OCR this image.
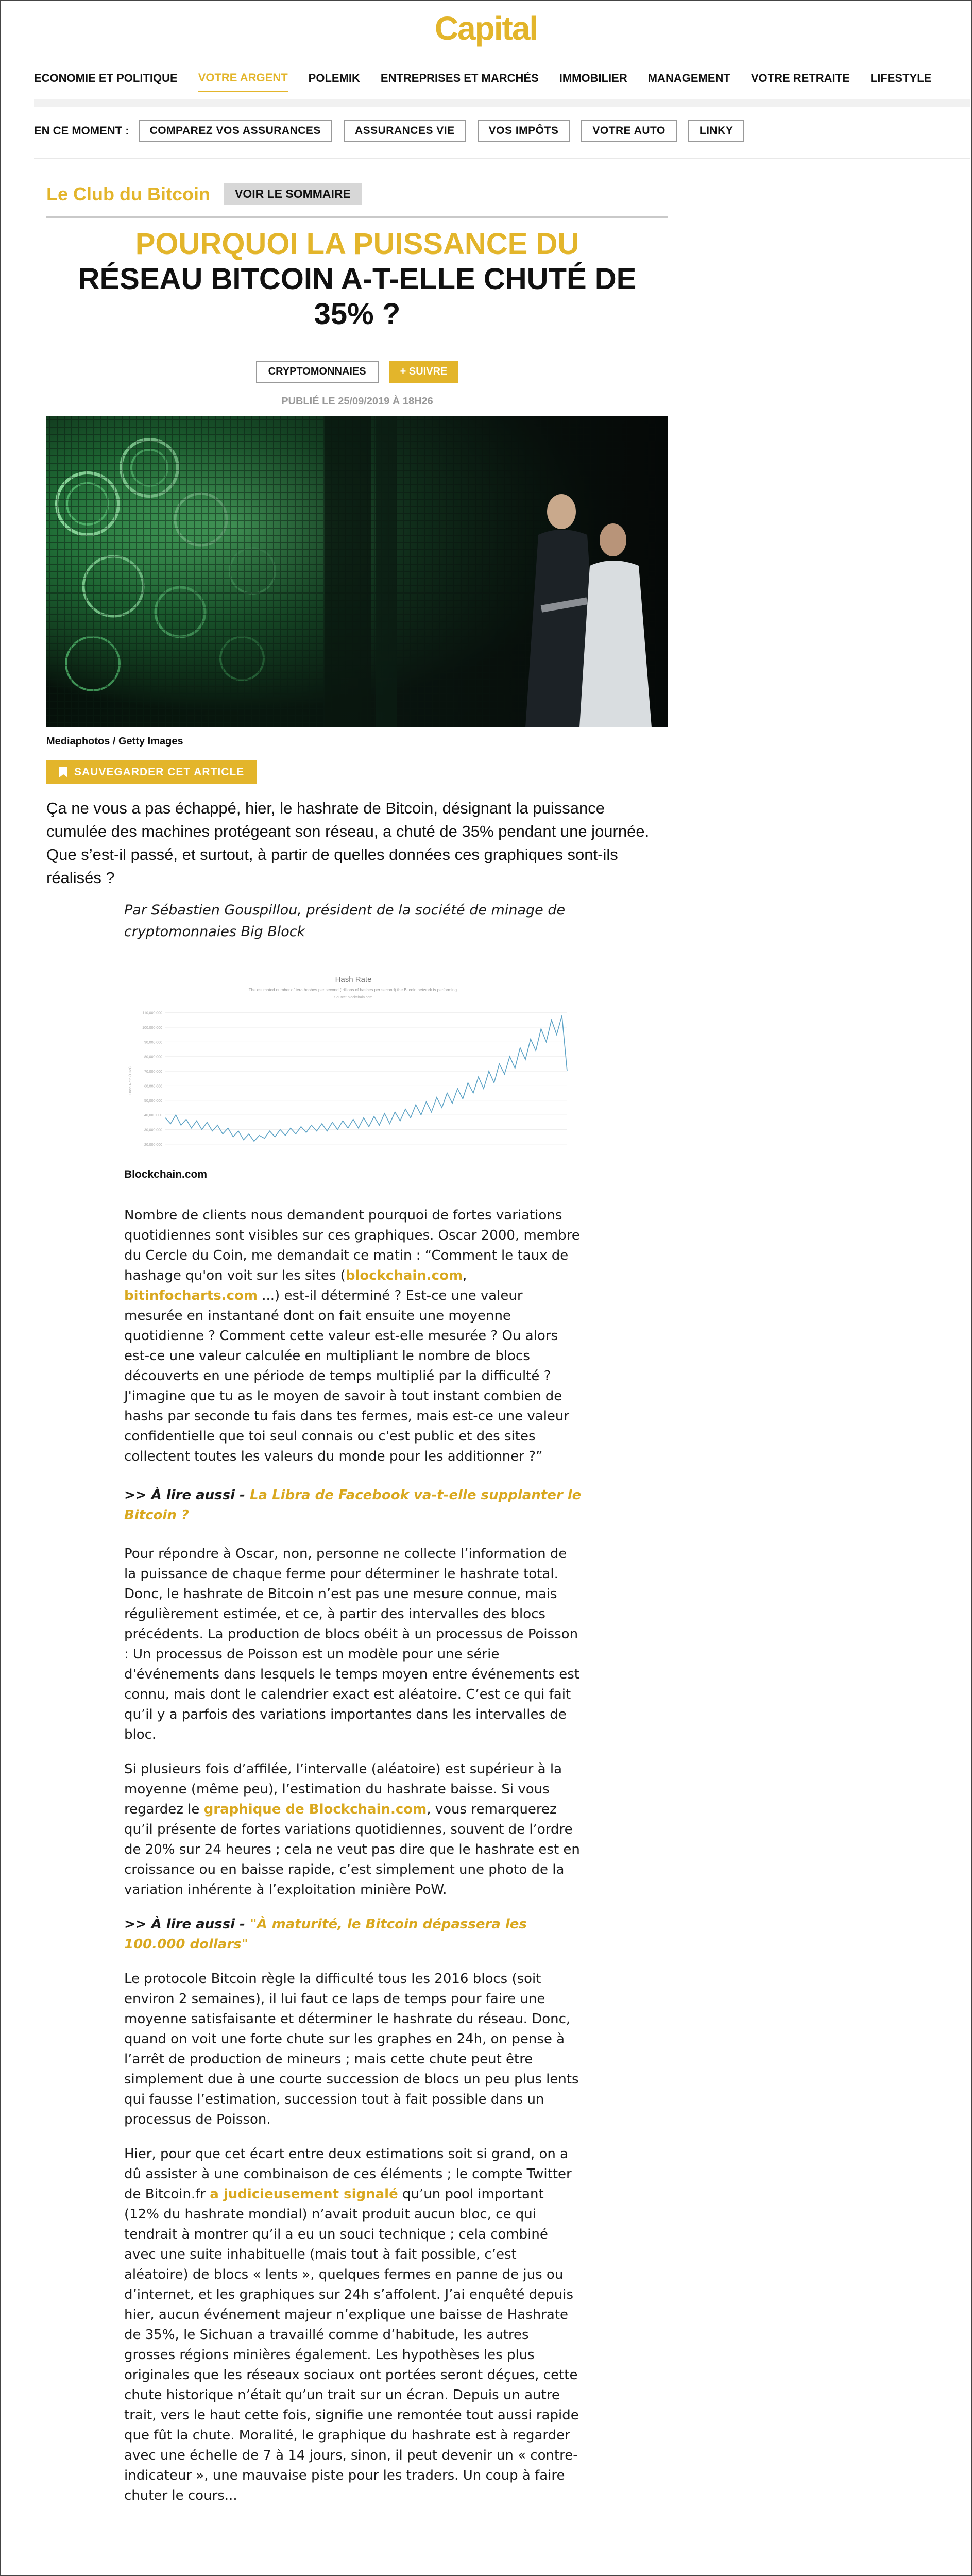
Capital
ECONOMIE ET POLITIQUE VOTRE ARGENT POLEMIK ENTREPRISES ET MARCHÉS IMMOBILIER MANAGEMENT VOTRE RETRAITE LIFESTYLE
EN CE MOMENT :	COMPAREZ VOS ASSURANCES	ASSURANCES VIE	VOS IMPÔTS	VOTRE AUTO	LINKY
Le Club du Bitcoin	VOIR LE SOMMAIRE
POURQUOI LA PUISSANCE DU
RÉSEAU BITCOIN A-T-ELLE CHUTÉ DE 35% ?
CRYPTOMONNAIES	+ SUIVRE
PUBLIÉ LE 25/09/2019 À 18H26
Mediaphotos / Getty Images
SAUVEGARDER CET ARTICLE

Ça ne vous a pas échappé, hier, le hashrate de Bitcoin, désignant la puissance cumulée des machines protégeant son réseau, a chuté de 35% pendant une journée. Que s’est-il passé, et surtout, à partir de quelles données ces graphiques sont-ils réalisés ?

Par Sébastien Gouspillou, président de la société de minage de cryptomonnaies Big Block

Hash Rate
The estimated number of tera hashes per second (trillions of hashes per second) the Bitcoin network is performing.
Source: blockchain.com
110,000,000
100,000,000
90,000,000
80,000,000
70,000,000
60,000,000
50,000,000
40,000,000
30,000,000
20,000,000
Hash Rate (TH/s)
Blockchain.com

Nombre de clients nous demandent pourquoi de fortes variations quotidiennes sont visibles sur ces graphiques. Oscar 2000, membre du Cercle du Coin, me demandait ce matin : “Comment le taux de hashage qu'on voit sur les sites (blockchain.com, bitinfocharts.com ...) est-il déterminé ? Est-ce une valeur mesurée en instantané dont on fait ensuite une moyenne quotidienne ? Comment cette valeur est-elle mesurée ? Ou alors est-ce une valeur calculée en multipliant le nombre de blocs découverts en une période de temps multiplié par la difficulté ? J'imagine que tu as le moyen de savoir à tout instant combien de hashs par seconde tu fais dans tes fermes, mais est-ce une valeur confidentielle que toi seul connais ou c'est public et des sites collectent toutes les valeurs du monde pour les additionner ?”

>> À lire aussi - La Libra de Facebook va-t-elle supplanter le Bitcoin ?

Pour répondre à Oscar, non, personne ne collecte l’information de la puissance de chaque ferme pour déterminer le hashrate total. Donc, le hashrate de Bitcoin n’est pas une mesure connue, mais régulièrement estimée, et ce, à partir des intervalles des blocs précédents. La production de blocs obéit à un processus de Poisson : Un processus de Poisson est un modèle pour une série d'événements dans lesquels le temps moyen entre événements est connu, mais dont le calendrier exact est aléatoire. C’est ce qui fait qu’il y a parfois des variations importantes dans les intervalles de bloc.

Si plusieurs fois d’affilée, l’intervalle (aléatoire) est supérieur à la moyenne (même peu), l’estimation du hashrate baisse. Si vous regardez le graphique de Blockchain.com, vous remarquerez qu’il présente de fortes variations quotidiennes, souvent de l’ordre de 20% sur 24 heures ; cela ne veut pas dire que le hashrate est en croissance ou en baisse rapide, c’est simplement une photo de la variation inhérente à l’exploitation minière PoW.

>> À lire aussi - "À maturité, le Bitcoin dépassera les 100.000 dollars"

Le protocole Bitcoin règle la difficulté tous les 2016 blocs (soit environ 2 semaines), il lui faut ce laps de temps pour faire une moyenne satisfaisante et déterminer le hashrate du réseau. Donc, quand on voit une forte chute sur les graphes en 24h, on pense à l’arrêt de production de mineurs ; mais cette chute peut être simplement due à une courte succession de blocs un peu plus lents qui fausse l’estimation, succession tout à fait possible dans un processus de Poisson.

Hier, pour que cet écart entre deux estimations soit si grand, on a dû assister à une combinaison de ces éléments ; le compte Twitter de Bitcoin.fr a judicieusement signalé qu’un pool important (12% du hashrate mondial) n’avait produit aucun bloc, ce qui tendrait à montrer qu’il a eu un souci technique ; cela combiné avec une suite inhabituelle (mais tout à fait possible, c’est aléatoire) de blocs « lents », quelques fermes en panne de jus ou d’internet, et les graphiques sur 24h s’affolent. J’ai enquêté depuis hier, aucun événement majeur n’explique une baisse de Hashrate de 35%, le Sichuan a travaillé comme d’habitude, les autres grosses régions minières également. Les hypothèses les plus originales que les réseaux sociaux ont portées seront déçues, cette chute historique n’était qu’un trait sur un écran. Depuis un autre trait, vers le haut cette fois, signifie une remontée tout aussi rapide que fût la chute. Moralité, le graphique du hashrate est à regarder avec une échelle de 7 à 14 jours, sinon, il peut devenir un « contre-indicateur », une mauvaise piste pour les traders. Un coup à faire chuter le cours...
